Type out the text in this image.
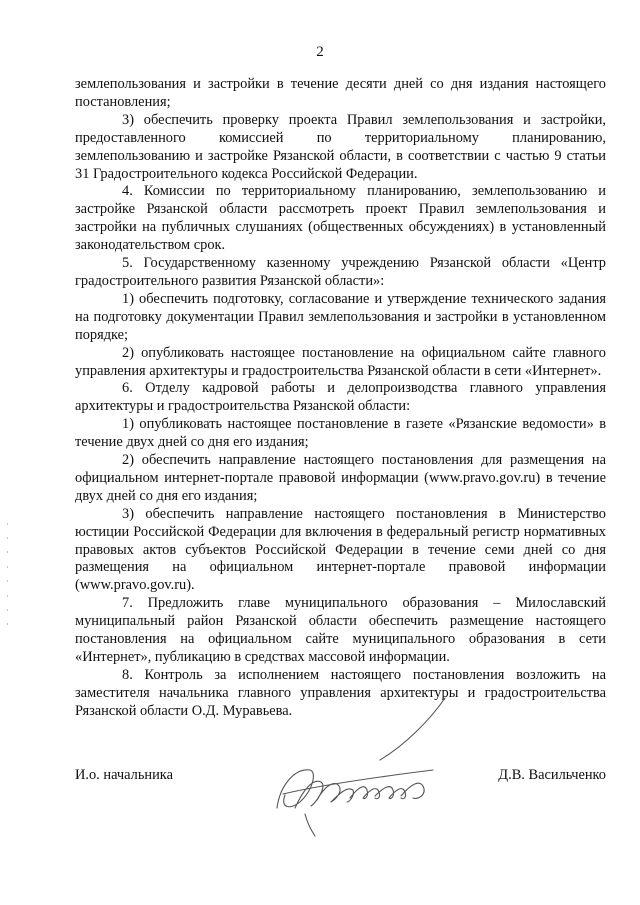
2

землепользования и застройки в течение десяти дней со дня издания настоящего постановления;

3) обеспечить проверку проекта Правил землепользования и застройки, предоставленного комиссией по территориальному планированию, землепользованию и застройке Рязанской области, в соответствии с частью 9 статьи 31 Градостроительного кодекса Российской Федерации.

4. Комиссии по территориальному планированию, землепользованию и застройке Рязанской области рассмотреть проект Правил землепользования и застройки на публичных слушаниях (общественных обсуждениях) в установленный законодательством срок.

5. Государственному казенному учреждению Рязанской области «Центр градостроительного развития Рязанской области»:

1) обеспечить подготовку, согласование и утверждение технического задания на подготовку документации Правил землепользования и застройки в установленном порядке;

2) опубликовать настоящее постановление на официальном сайте главного управления архитектуры и градостроительства Рязанской области в сети «Интернет».

6. Отделу кадровой работы и делопроизводства главного управления архитектуры и градостроительства Рязанской области:

1) опубликовать настоящее постановление в газете «Рязанские ведомости» в течение двух дней со дня его издания;

2) обеспечить направление настоящего постановления для размещения на официальном интернет-портале правовой информации (www.pravo.gov.ru) в течение двух дней со дня его издания;

3) обеспечить направление настоящего постановления в Министерство юстиции Российской Федерации для включения в федеральный регистр нормативных правовых актов субъектов Российской Федерации в течение семи дней со дня размещения на официальном интернет-портале правовой информации (www.pravo.gov.ru).

7. Предложить главе муниципального образования – Милославский муниципальный район Рязанской области обеспечить размещение настоящего постановления на официальном сайте муниципального образования в сети «Интернет», публикацию в средствах массовой информации.

8. Контроль за исполнением настоящего постановления возложить на заместителя начальника главного управления архитектуры и градостроительства Рязанской области О.Д. Муравьева.

И.о. начальника	Д.В. Васильченко
